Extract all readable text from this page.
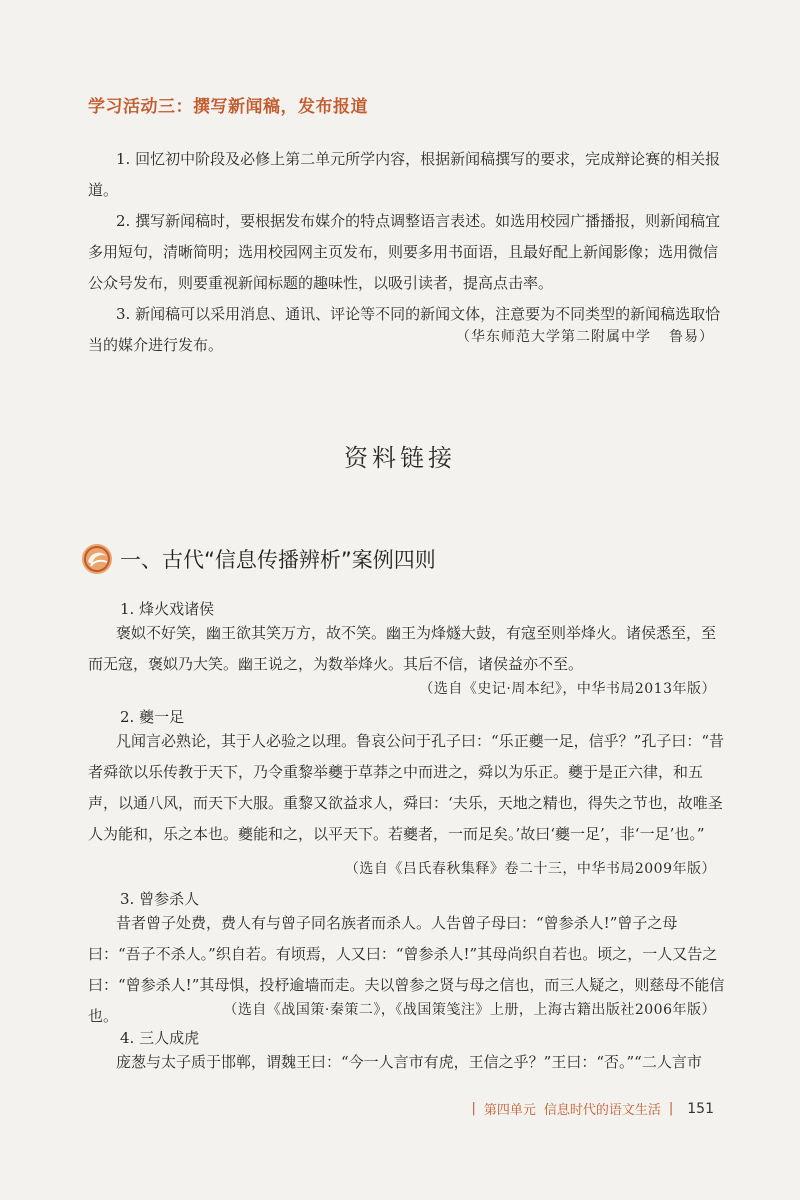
学习活动三：撰写新闻稿，发布报道

1. 回忆初中阶段及必修上第二单元所学内容，根据新闻稿撰写的要求，完成辩论赛的相关报道。

2. 撰写新闻稿时，要根据发布媒介的特点调整语言表述。如选用校园广播播报，则新闻稿宜多用短句，清晰简明；选用校园网主页发布，则要多用书面语，且最好配上新闻影像；选用微信公众号发布，则要重视新闻标题的趣味性，以吸引读者，提高点击率。

3. 新闻稿可以采用消息、通讯、评论等不同的新闻文体，注意要为不同类型的新闻稿选取恰当的媒介进行发布。	（华东师范大学第二附属中学 鲁易）
资料链接
一、古代“信息传播辨析”案例四则
1. 烽火戏诸侯

褒姒不好笑，幽王欲其笑万方，故不笑。幽王为烽燧大鼓，有寇至则举烽火。诸侯悉至，至而无寇，褒姒乃大笑。幽王说之，为数举烽火。其后不信，诸侯益亦不至。

（选自《史记·周本纪》，中华书局2013年版）
2. 夔一足

凡闻言必熟论，其于人必验之以理。鲁哀公问于孔子曰：“乐正夔一足，信乎？”孔子曰：“昔者舜欲以乐传教于天下，乃令重黎举夔于草莽之中而进之，舜以为乐正。夔于是正六律，和五声，以通八风，而天下大服。重黎又欲益求人，舜曰：‘夫乐，天地之精也，得失之节也，故唯圣人为能和，乐之本也。夔能和之，以平天下。若夔者，一而足矣。’故曰‘夔一足’，非‘一足’也。”

（选自《吕氏春秋集释》卷二十三，中华书局2009年版）
3. 曾参杀人

昔者曾子处费，费人有与曾子同名族者而杀人。人告曾子母曰：“曾参杀人!”曾子之母曰：“吾子不杀人。”织自若。有顷焉，人又曰：“曾参杀人!”其母尚织自若也。顷之，一人又告之曰：“曾参杀人!”其母惧，投杼逾墙而走。夫以曾参之贤与母之信也，而三人疑之，则慈母不能信也。	（选自《战国策·秦策二》，《战国策笺注》上册，上海古籍出版社2006年版）
4. 三人成虎

庞葱与太子质于邯郸，谓魏王曰：“今一人言市有虎，王信之乎？”王曰：“否。”“二人言市

| 第四单元 信息时代的语文生活 | 151
